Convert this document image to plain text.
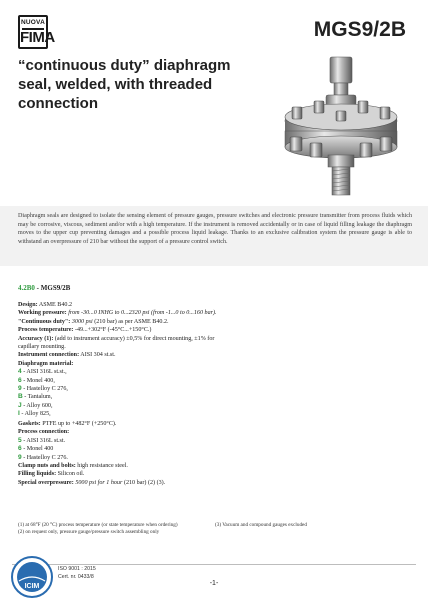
NUOVA
FIMA	MGS9/2B
“continuous duty” diaphragm seal, welded, with threaded connection
Diaphragm seals are designed to isolate the sensing element of pressure gauges, pressure switches and electronic pressure transmitter from process fluids which may be corrosive, viscous, sediment and/or with a high temperature. If the instrument is removed accidentally or in case of liquid filling leakage the diaphragm moves to the upper cup preventing damages and a possible process liquid leakage. Thanks to an exclusive calibration system the pressure gauge is able to withstand an overpressure of 210 bar without the support of a pressure control switch.
4.2B0 - MGS9/2B
Design: ASME B40.2
Working pressure: from -30...0 INHG to 0...2320 psi (from -1...0 to 0...160 bar).
"Continuous duty": 3000 psi (210 bar) as per ASME B40.2.
Process temperature: -49...+302°F (-45°C...+150°C.)
Accuracy (1): (add to instrument accuracy) ±0,5% for direct mounting, ±1% for capillary mounting.
Instrument connection: AISI 304 st.st.
Diaphragm material:
4 - AISI 316L st.st.,
6 - Monel 400,
9 - Hastelloy C 276,
B - Tantalum,
J - Alloy 600,
I - Alloy 825,
Gaskets: PTFE up to +482°F (+250°C).
Process connection:
5 - AISI 316L st.st.
6 - Monel 400
9 - Hastelloy C 276.
Clamp nuts and bolts: high resistance steel.
Filling liquids: Silicon oil.
Special overpressure: 5000 psi for 1 hour (210 bar) (2) (3).
(1) at 68°F (20 °C) process temperature (or state temperature when ordering)
(2) on request only, pressure gauge/pressure switch assembling only
(3) Vacuum and compound gauges excluded
ICIM
ISO 9001 : 2015
Cert. nr. 0433/8
-1-
